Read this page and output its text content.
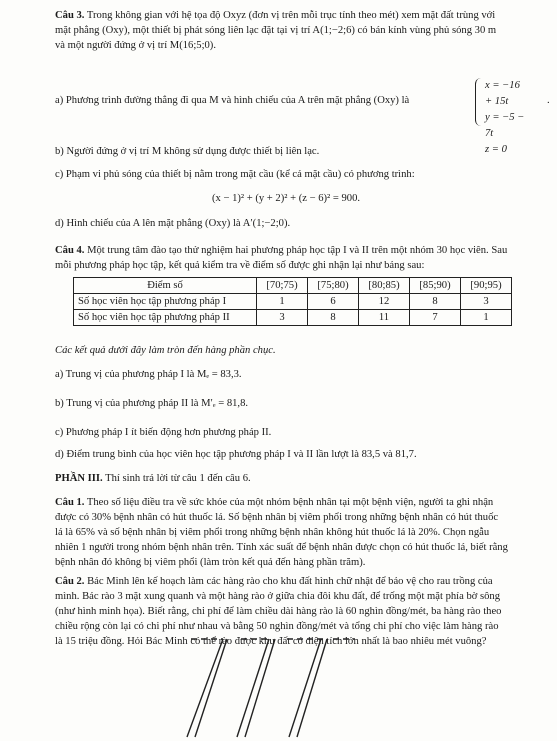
Câu 3. Trong không gian với hệ tọa độ Oxyz (đơn vị trên mỗi trục tính theo mét) xem mặt đất trùng với

mặt phẳng (Oxy), một thiết bị phát sóng liên lạc đặt tại vị trí A(1;−2;6) có bán kính vùng phủ sóng 30 m

và một người đứng ở vị trí M(16;5;0).

a) Phương trình đường thẳng đi qua M và hình chiếu của A trên mặt phẳng (Oxy) là
x = −16 + 15t
y = −5 − 7t
z = 0
.

b) Người đứng ở vị trí M không sử dụng được thiết bị liên lạc.

c) Phạm vi phủ sóng của thiết bị nằm trong mặt cầu (kể cả mặt cầu) có phương trình:

(x − 1)² + (y + 2)² + (z − 6)² = 900.

d) Hình chiếu của A lên mặt phẳng (Oxy) là A′(1;−2;0).

Câu 4. Một trung tâm đào tạo thử nghiệm hai phương pháp học tập I và II trên một nhóm 30 học viên. Sau

mỗi phương pháp học tập, kết quả kiểm tra về điểm số được ghi nhận lại như bảng sau:

Điểm số	[70;75)	[75;80)	[80;85)	[85;90)	[90;95)
Số học viên học tập phương pháp I	1	6	12	8	3
Số học viên học tập phương pháp II	3	8	11	7	1

Các kết quả dưới đây làm tròn đến hàng phần chục.

a) Trung vị của phương pháp I là Mₑ = 83,3.

b) Trung vị của phương pháp II là M′ₑ = 81,8.

c) Phương pháp I ít biến động hơn phương pháp II.

d) Điểm trung bình của học viên học tập phương pháp I và II lần lượt là 83,5 và 81,7.

PHẦN III. Thí sinh trả lời từ câu 1 đến câu 6.

Câu 1. Theo số liệu điều tra về sức khỏe của một nhóm bệnh nhân tại một bệnh viện, người ta ghi nhận

được có 30% bệnh nhân có hút thuốc lá. Số bệnh nhân bị viêm phổi trong những bệnh nhân có hút thuốc

lá là 65% và số bệnh nhân bị viêm phổi trong những bệnh nhân không hút thuốc lá là 20%. Chọn ngẫu

nhiên 1 người trong nhóm bệnh nhân trên. Tính xác suất để bệnh nhân được chọn có hút thuốc lá, biết rằng

bệnh nhân đó không bị viêm phổi (làm tròn kết quả đến hàng phần trăm).

Câu 2. Bác Minh lên kế hoạch làm các hàng rào cho khu đất hình chữ nhật để bảo vệ cho rau trồng của

mình. Bác rào 3 mặt xung quanh và một hàng rào ở giữa chia đôi khu đất, để trống một mặt phía bờ sông

(như hình minh họa). Biết rằng, chi phí để làm chiều dài hàng rào là 60 nghìn đồng/mét, ba hàng rào theo

chiều rộng còn lại có chi phí như nhau và bằng 50 nghìn đồng/mét và tổng chi phí cho việc làm hàng rào

là 15 triệu đồng. Hỏi Bác Minh có thể rào được khu đất có diện tích lớn nhất là bao nhiêu mét vuông?
